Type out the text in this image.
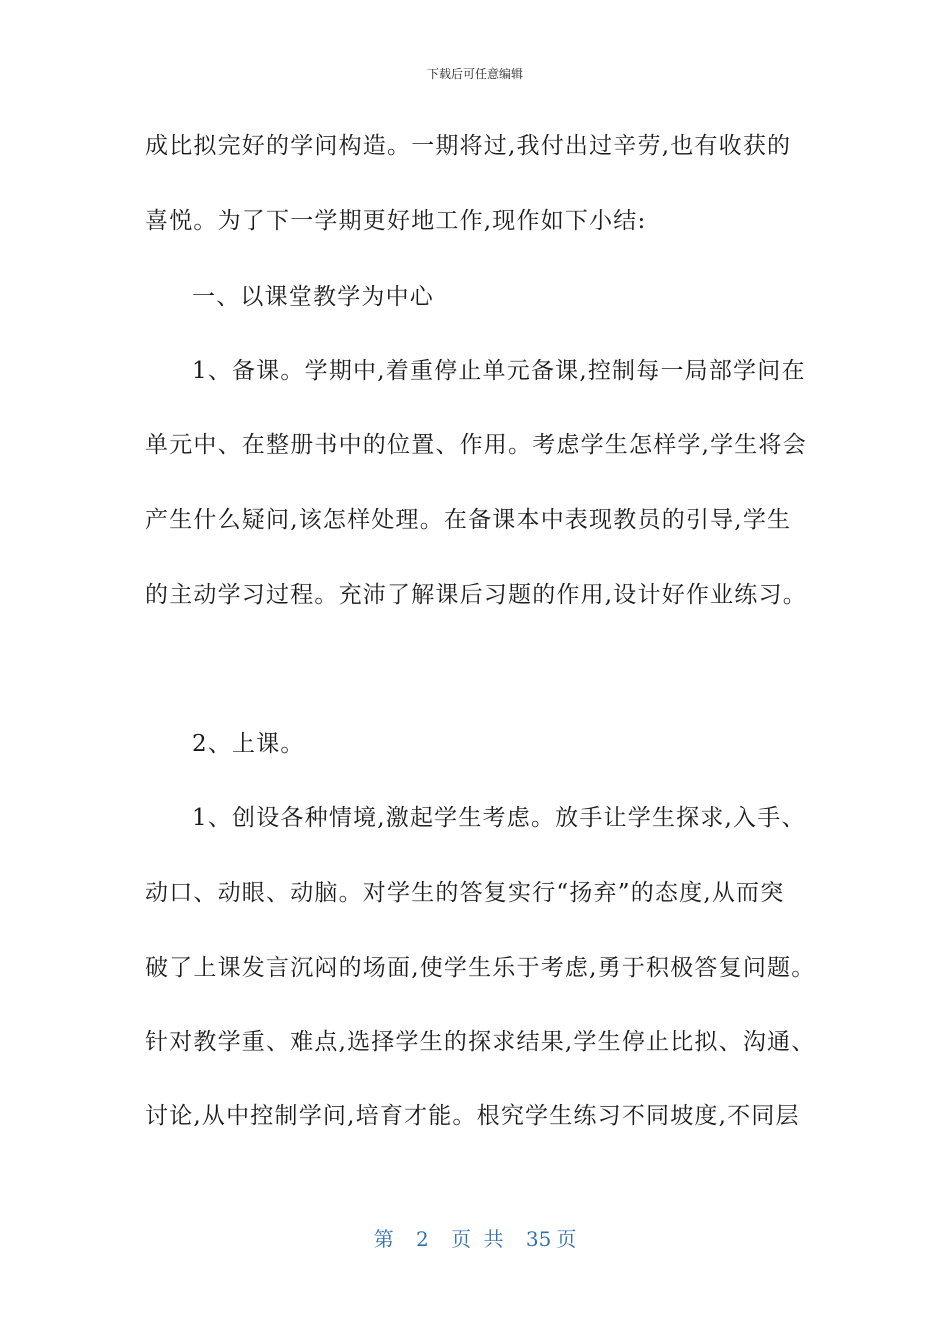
下载后可任意编辑
成比拟完好的学问构造。一期将过,我付出过辛劳,也有收获的
喜悦。为了下一学期更好地工作,现作如下小结:
一、以课堂教学为中心
1、备课。学期中,着重停止单元备课,控制每一局部学问在
单元中、在整册书中的位置、作用。考虑学生怎样学,学生将会
产生什么疑问,该怎样处理。在备课本中表现教员的引导,学生
的主动学习过程。充沛了解课后习题的作用,设计好作业练习。
2、上课。
1、创设各种情境,激起学生考虑。放手让学生探求,入手、
动口、动眼、动脑。对学生的答复实行“扬弃”的态度,从而突
破了上课发言沉闷的场面,使学生乐于考虑,勇于积极答复问题。
针对教学重、难点,选择学生的探求结果,学生停止比拟、沟通、
讨论,从中控制学问,培育才能。根究学生练习不同坡度,不同层
第 2 页 共 35 页
